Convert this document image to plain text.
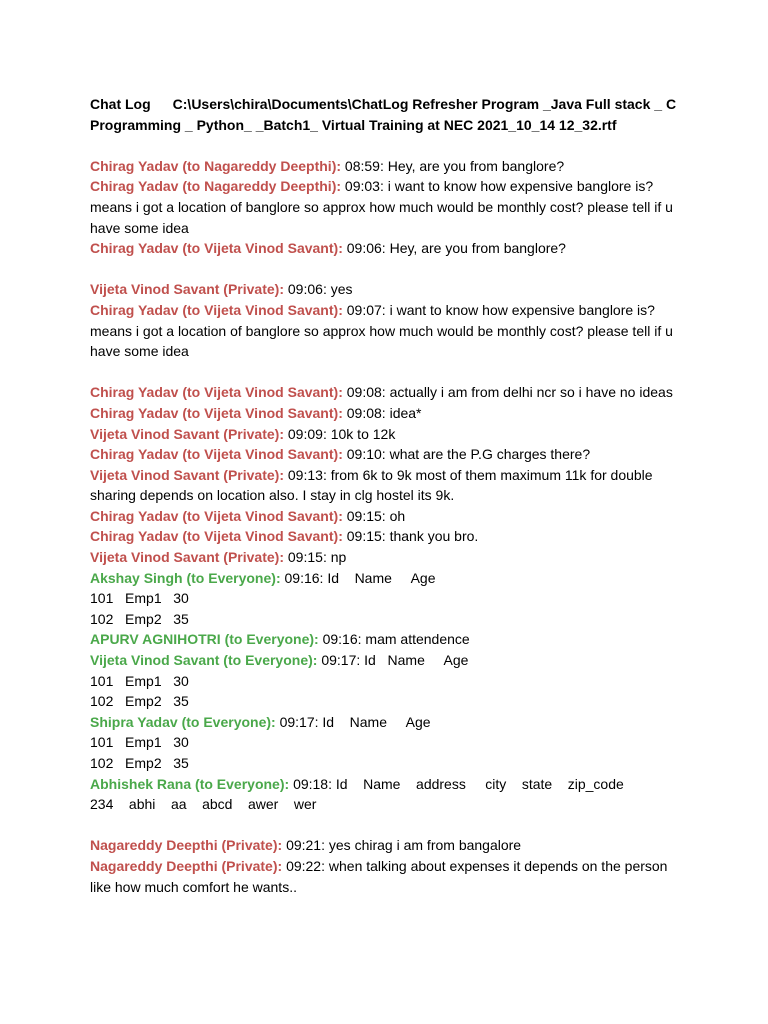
Chat Log C:\Users\chira\Documents\ChatLog Refresher Program _Java Full stack _ C Programming _ Python_ _Batch1_ Virtual Training at NEC 2021_10_14 12_32.rtf

Chirag Yadav (to Nagareddy Deepthi): 08:59: Hey, are you from banglore?

Chirag Yadav (to Nagareddy Deepthi): 09:03: i want to know how expensive banglore is? means i got a location of banglore so approx how much would be monthly cost? please tell if u have some idea

Chirag Yadav (to Vijeta Vinod Savant): 09:06: Hey, are you from banglore?

Vijeta Vinod Savant (Private): 09:06: yes

Chirag Yadav (to Vijeta Vinod Savant): 09:07: i want to know how expensive banglore is? means i got a location of banglore so approx how much would be monthly cost? please tell if u have some idea

Chirag Yadav (to Vijeta Vinod Savant): 09:08: actually i am from delhi ncr so i have no ideas

Chirag Yadav (to Vijeta Vinod Savant): 09:08: idea*

Vijeta Vinod Savant (Private): 09:09: 10k to 12k

Chirag Yadav (to Vijeta Vinod Savant): 09:10: what are the P.G charges there?

Vijeta Vinod Savant (Private): 09:13: from 6k to 9k most of them maximum 11k for double sharing depends on location also. I stay in clg hostel its 9k.

Chirag Yadav (to Vijeta Vinod Savant): 09:15: oh

Chirag Yadav (to Vijeta Vinod Savant): 09:15: thank you bro.

Vijeta Vinod Savant (Private): 09:15: np

Akshay Singh (to Everyone): 09:16: Id    Name     Age
101   Emp1   30
102   Emp2   35

APURV AGNIHOTRI (to Everyone): 09:16: mam attendence

Vijeta Vinod Savant (to Everyone): 09:17: Id   Name     Age
101   Emp1   30
102   Emp2   35

Shipra Yadav (to Everyone): 09:17: Id    Name     Age
101   Emp1   30
102   Emp2   35

Abhishek Rana (to Everyone): 09:18: Id    Name    address     city    state    zip_code
234    abhi    aa    abcd    awer    wer

Nagareddy Deepthi (Private): 09:21: yes chirag i am from bangalore

Nagareddy Deepthi (Private): 09:22: when talking about expenses it depends on the person like how much comfort he wants..
